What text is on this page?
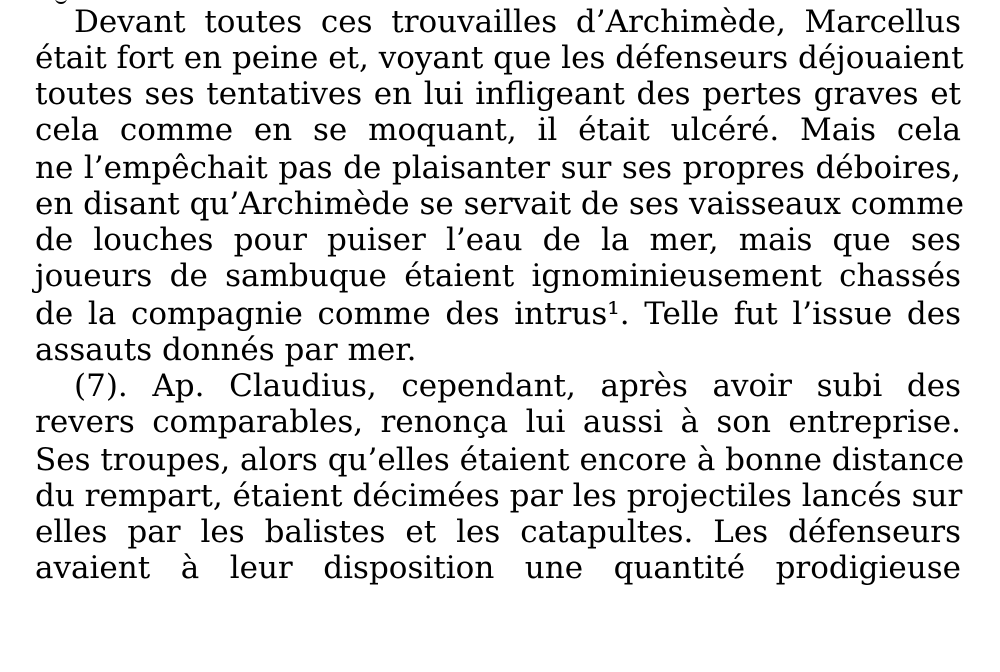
Devant toutes ces trouvailles d’Archimède, Marcellus
était fort en peine et, voyant que les défenseurs déjouaient
toutes ses tentatives en lui infligeant des pertes graves et
cela comme en se moquant, il était ulcéré. Mais cela
ne l’empêchait pas de plaisanter sur ses propres déboires,
en disant qu’Archimède se servait de ses vaisseaux comme
de louches pour puiser l’eau de la mer, mais que ses
joueurs de sambuque étaient ignominieusement chassés
de la compagnie comme des intrus¹. Telle fut l’issue des
assauts donnés par mer.
(7). Ap. Claudius, cependant, après avoir subi des
revers comparables, renonça lui aussi à son entreprise.
Ses troupes, alors qu’elles étaient encore à bonne distance
du rempart, étaient décimées par les projectiles lancés sur
elles par les balistes et les catapultes. Les défenseurs
avaient à leur disposition une quantité prodigieuse
